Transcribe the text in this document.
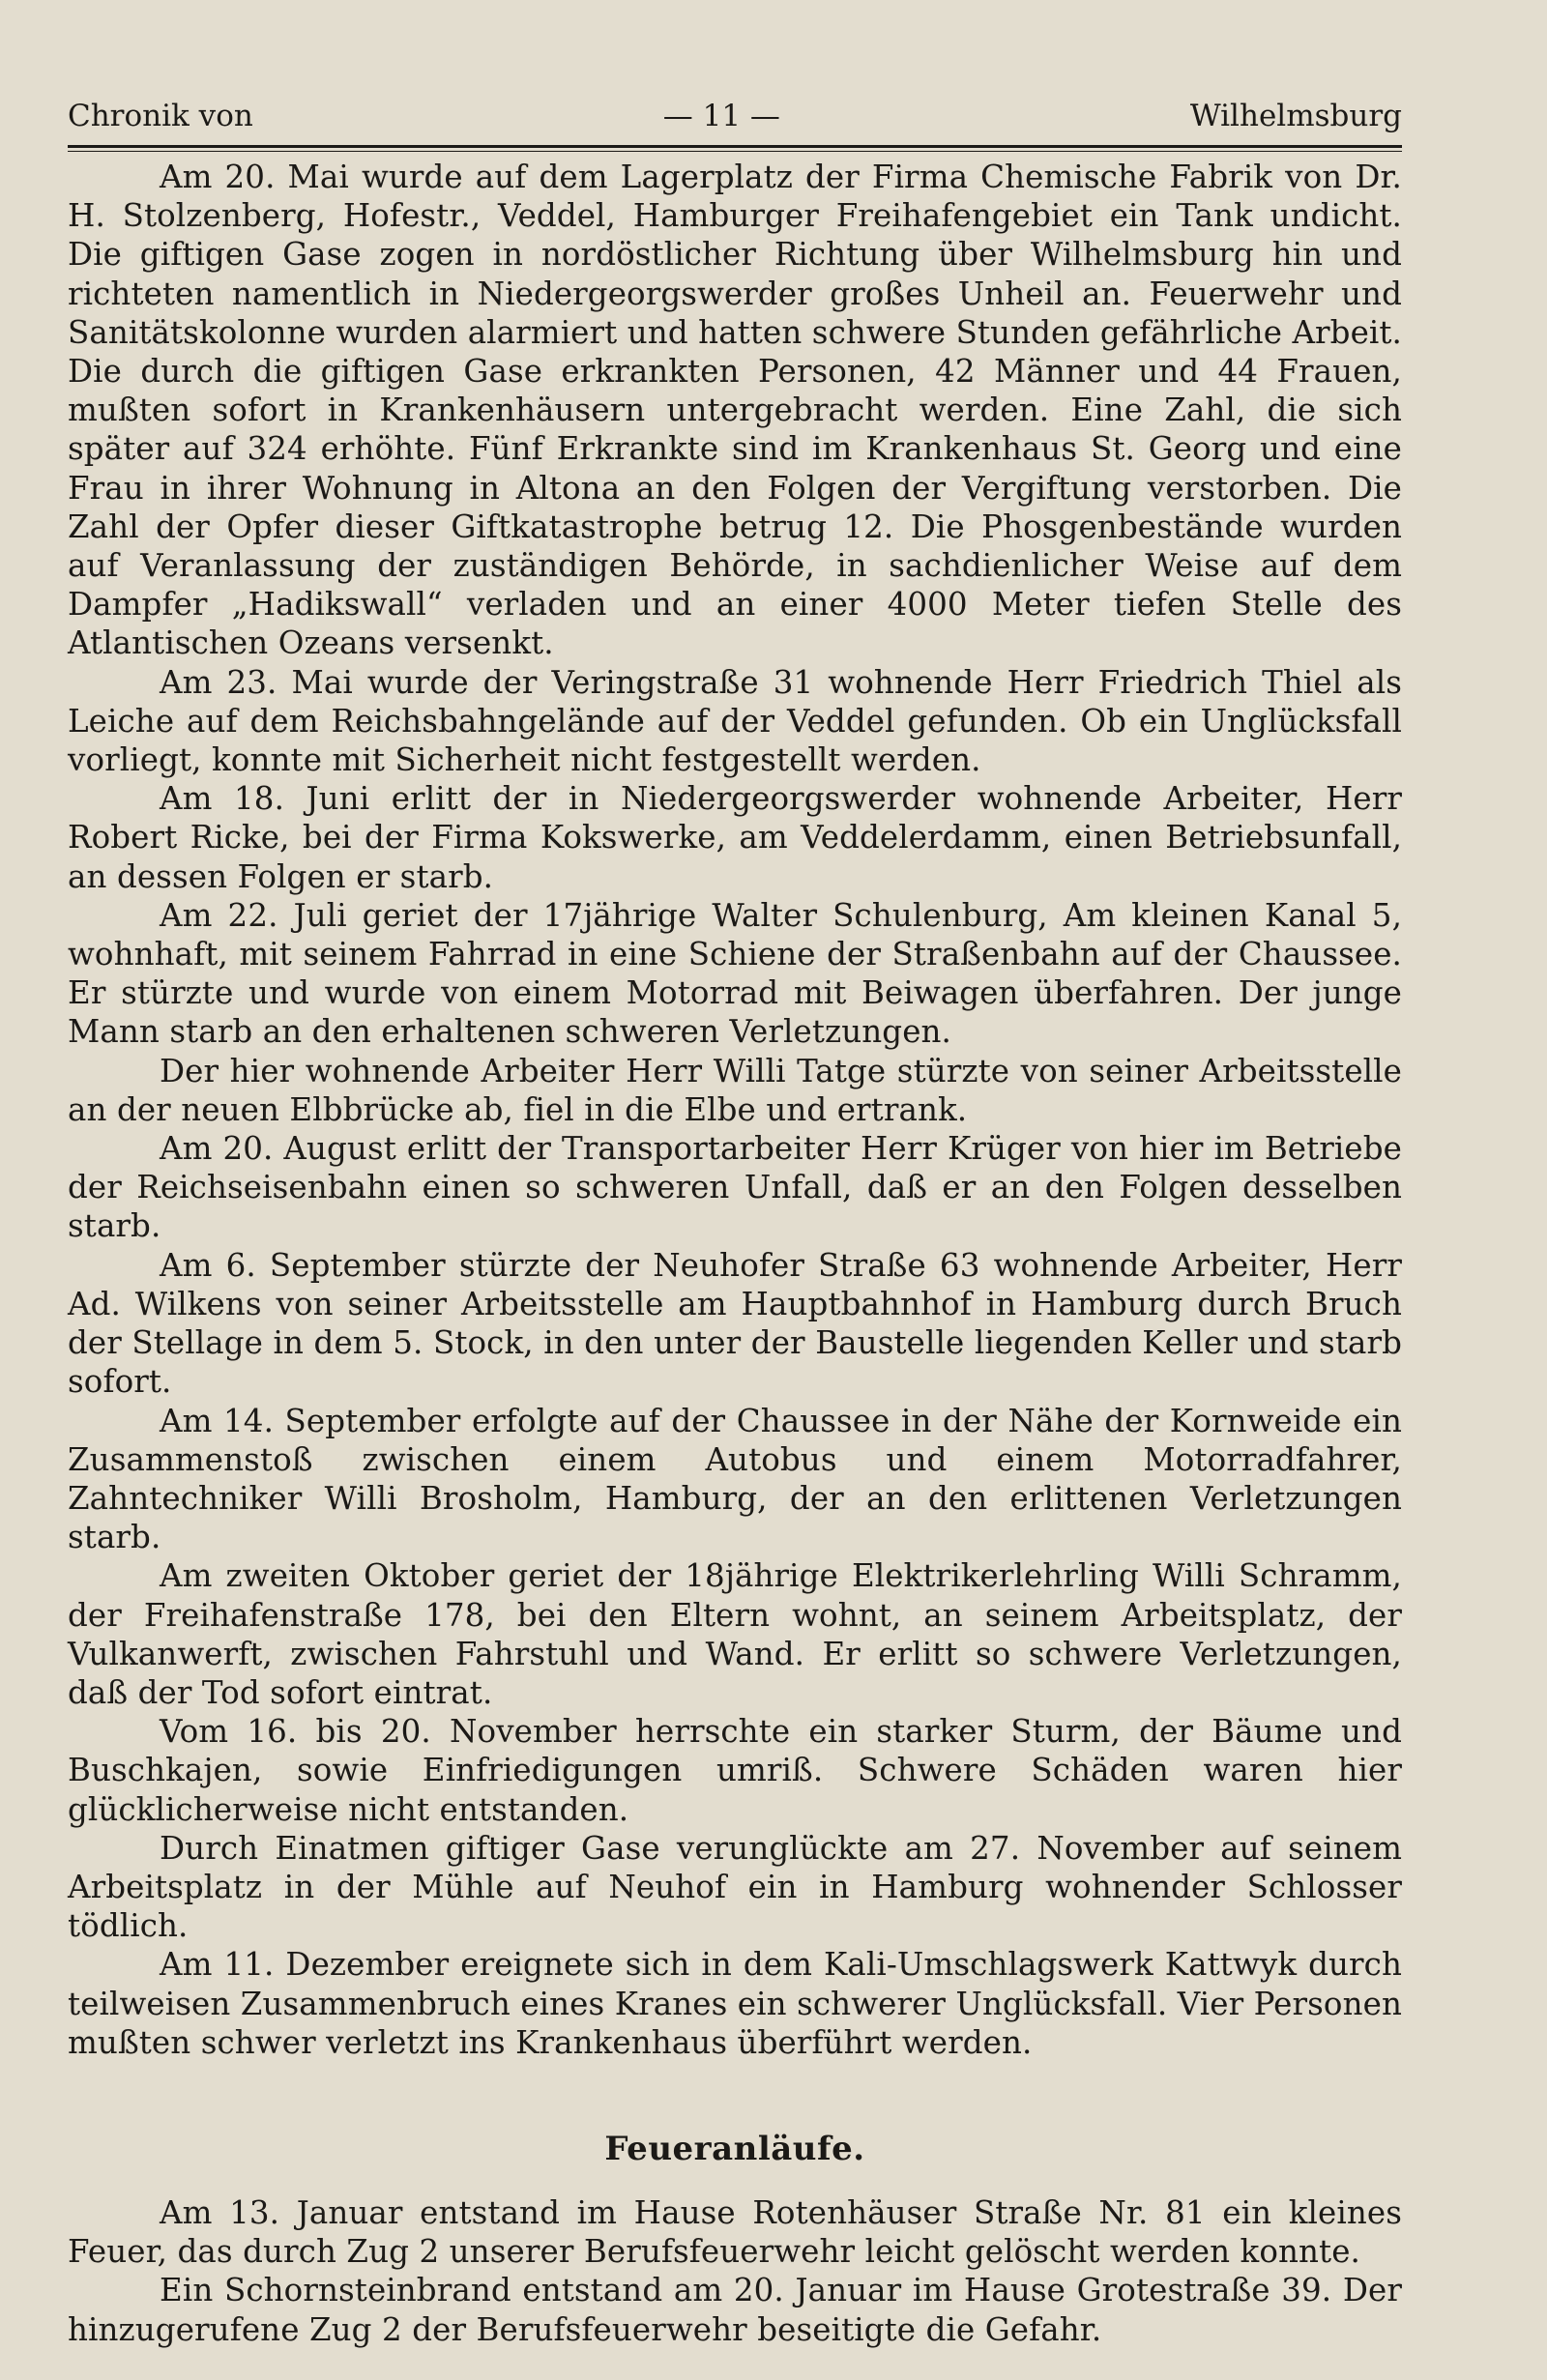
Chronik von	— 11 —	Wilhelmsburg

Am 20. Mai wurde auf dem Lagerplatz der Firma Chemische Fabrik von Dr. H. Stolzenberg, Hofestr., Veddel, Hamburger Freihafengebiet ein Tank undicht. Die giftigen Gase zogen in nordöstlicher Richtung über Wilhelmsburg hin und richteten namentlich in Niedergeorgswerder großes Unheil an. Feuerwehr und Sanitätskolonne wurden alarmiert und hatten schwere Stunden gefährliche Arbeit. Die durch die giftigen Gase erkrankten Personen, 42 Männer und 44 Frauen, mußten sofort in Krankenhäusern untergebracht werden. Eine Zahl, die sich später auf 324 erhöhte. Fünf Erkrankte sind im Krankenhaus St. Georg und eine Frau in ihrer Wohnung in Altona an den Folgen der Vergiftung verstorben. Die Zahl der Opfer dieser Giftkatastrophe betrug 12. Die Phosgenbestände wurden auf Veranlassung der zuständigen Behörde, in sachdienlicher Weise auf dem Dampfer „Hadikswall“ verladen und an einer 4000 Meter tiefen Stelle des Atlantischen Ozeans versenkt.

Am 23. Mai wurde der Veringstraße 31 wohnende Herr Friedrich Thiel als Leiche auf dem Reichsbahngelände auf der Veddel gefunden. Ob ein Unglücksfall vorliegt, konnte mit Sicherheit nicht festgestellt werden.

Am 18. Juni erlitt der in Niedergeorgswerder wohnende Arbeiter, Herr Robert Ricke, bei der Firma Kokswerke, am Veddelerdamm, einen Betriebsunfall, an dessen Folgen er starb.

Am 22. Juli geriet der 17jährige Walter Schulenburg, Am kleinen Kanal 5, wohnhaft, mit seinem Fahrrad in eine Schiene der Straßenbahn auf der Chaussee. Er stürzte und wurde von einem Motorrad mit Beiwagen überfahren. Der junge Mann starb an den erhaltenen schweren Verletzungen.

Der hier wohnende Arbeiter Herr Willi Tatge stürzte von seiner Arbeitsstelle an der neuen Elbbrücke ab, fiel in die Elbe und ertrank.

Am 20. August erlitt der Transportarbeiter Herr Krüger von hier im Betriebe der Reichseisenbahn einen so schweren Unfall, daß er an den Folgen desselben starb.

Am 6. September stürzte der Neuhofer Straße 63 wohnende Arbeiter, Herr Ad. Wilkens von seiner Arbeitsstelle am Hauptbahnhof in Hamburg durch Bruch der Stellage in dem 5. Stock, in den unter der Baustelle liegenden Keller und starb sofort.

Am 14. September erfolgte auf der Chaussee in der Nähe der Kornweide ein Zusammenstoß zwischen einem Autobus und einem Motorradfahrer, Zahntechniker Willi Brosholm, Hamburg, der an den erlittenen Verletzungen starb.

Am zweiten Oktober geriet der 18jährige Elektrikerlehrling Willi Schramm, der Freihafenstraße 178, bei den Eltern wohnt, an seinem Arbeitsplatz, der Vulkanwerft, zwischen Fahrstuhl und Wand. Er erlitt so schwere Verletzungen, daß der Tod sofort eintrat.

Vom 16. bis 20. November herrschte ein starker Sturm, der Bäume und Buschkajen, sowie Einfriedigungen umriß. Schwere Schäden waren hier glücklicherweise nicht entstanden.

Durch Einatmen giftiger Gase verunglückte am 27. November auf seinem Arbeitsplatz in der Mühle auf Neuhof ein in Hamburg wohnender Schlosser tödlich.

Am 11. Dezember ereignete sich in dem Kali-Umschlagswerk Kattwyk durch teilweisen Zusammenbruch eines Kranes ein schwerer Unglücksfall. Vier Personen mußten schwer verletzt ins Krankenhaus überführt werden.

Feueranläufe.

Am 13. Januar entstand im Hause Rotenhäuser Straße Nr. 81 ein kleines Feuer, das durch Zug 2 unserer Berufsfeuerwehr leicht gelöscht werden konnte.

Ein Schornsteinbrand entstand am 20. Januar im Hause Grotestraße 39. Der hinzugerufene Zug 2 der Berufsfeuerwehr beseitigte die Gefahr.
